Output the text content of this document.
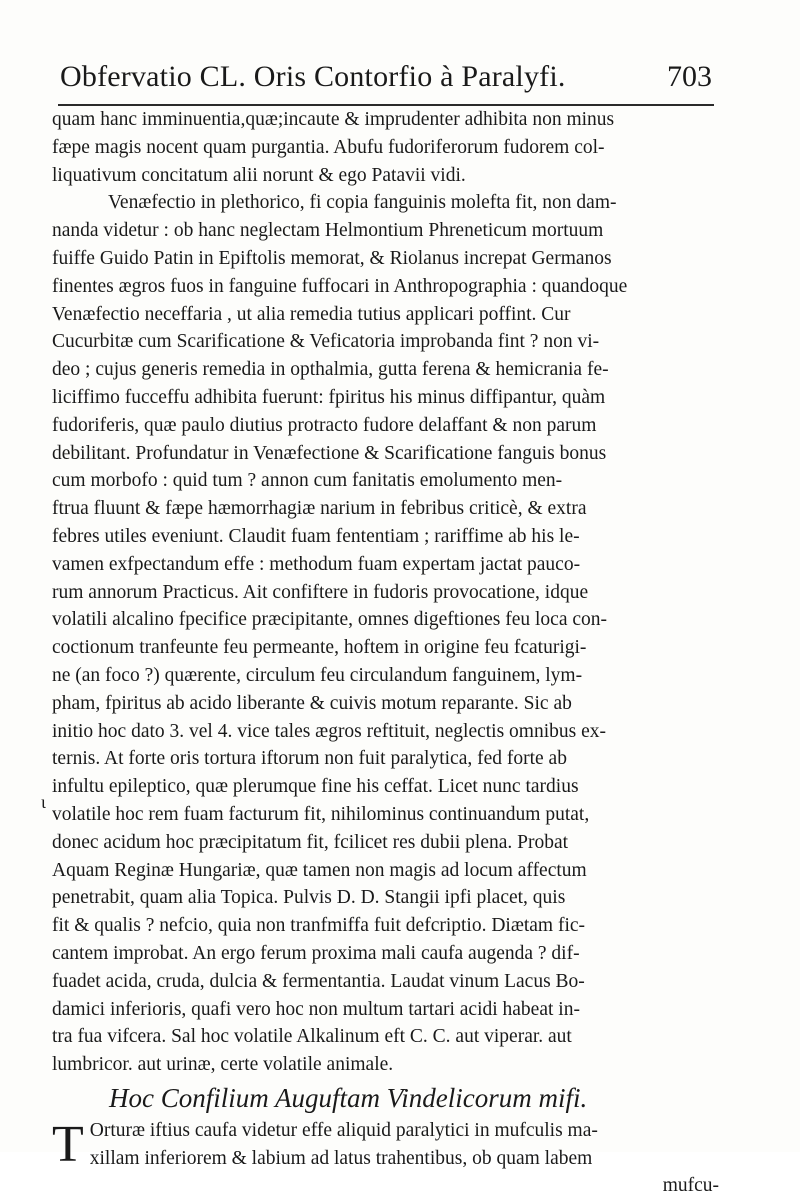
Obfervatio CL. Oris Contorfio à Paralyfi.	703
ɩ
quam hanc imminuentia,quæ;incaute & imprudenter adhibita non minus
fæpe magis nocent quam purgantia. Abufu fudoriferorum fudorem col-
liquativum concitatum alii norunt & ego Patavii vidi.
Venæfectio in plethorico, fi copia fanguinis molefta fit, non dam-
nanda videtur : ob hanc neglectam Helmontium Phreneticum mortuum
fuiffe Guido Patin in Epiftolis memorat, & Riolanus increpat Germanos
finentes ægros fuos in fanguine fuffocari in Anthropographia : quandoque
Venæfectio neceffaria , ut alia remedia tutius applicari poffint. Cur
Cucurbitæ cum Scarificatione & Veficatoria improbanda fint ? non vi-
deo ; cujus generis remedia in opthalmia, gutta ferena & hemicrania fe-
liciffimo fucceffu adhibita fuerunt: fpiritus his minus diffipantur, quàm
fudoriferis, quæ paulo diutius protracto fudore delaffant & non parum
debilitant. Profundatur in Venæfectione & Scarificatione fanguis bonus
cum morbofo : quid tum ? annon cum fanitatis emolumento men-
ftrua fluunt & fæpe hæmorrhagiæ narium in febribus criticè, & extra
febres utiles eveniunt. Claudit fuam fententiam ; rariffime ab his le-
vamen exfpectandum effe : methodum fuam expertam jactat pauco-
rum annorum Practicus. Ait confiftere in fudoris provocatione, idque
volatili alcalino fpecifice præcipitante, omnes digeftiones feu loca con-
coctionum tranfeunte feu permeante, hoftem in origine feu fcaturigi-
ne (an foco ?) quærente, circulum feu circulandum fanguinem, lym-
pham, fpiritus ab acido liberante & cuivis motum reparante. Sic ab
initio hoc dato 3. vel 4. vice tales ægros reftituit, neglectis omnibus ex-
ternis. At forte oris tortura iftorum non fuit paralytica, fed forte ab
infultu epileptico, quæ plerumque fine his ceffat. Licet nunc tardius
volatile hoc rem fuam facturum fit, nihilominus continuandum putat,
donec acidum hoc præcipitatum fit, fcilicet res dubii plena. Probat
Aquam Reginæ Hungariæ, quæ tamen non magis ad locum affectum
penetrabit, quam alia Topica. Pulvis D. D. Stangii ipfi placet, quis
fit & qualis ? nefcio, quia non tranfmiffa fuit defcriptio. Diætam fic-
cantem improbat. An ergo ferum proxima mali caufa augenda ? dif-
fuadet acida, cruda, dulcia & fermentantia. Laudat vinum Lacus Bo-
damici inferioris, quafi vero hoc non multum tartari acidi habeat in-
tra fua vifcera. Sal hoc volatile Alkalinum eft C. C. aut viperar. aut
lumbricor. aut urinæ, certe volatile animale.
Hoc Confilium Auguftam Vindelicorum mifi.
T Orturæ iftius caufa videtur effe aliquid paralytici in mufculis ma-
xillam inferiorem & labium ad latus trahentibus, ob quam labem
mufcu-
